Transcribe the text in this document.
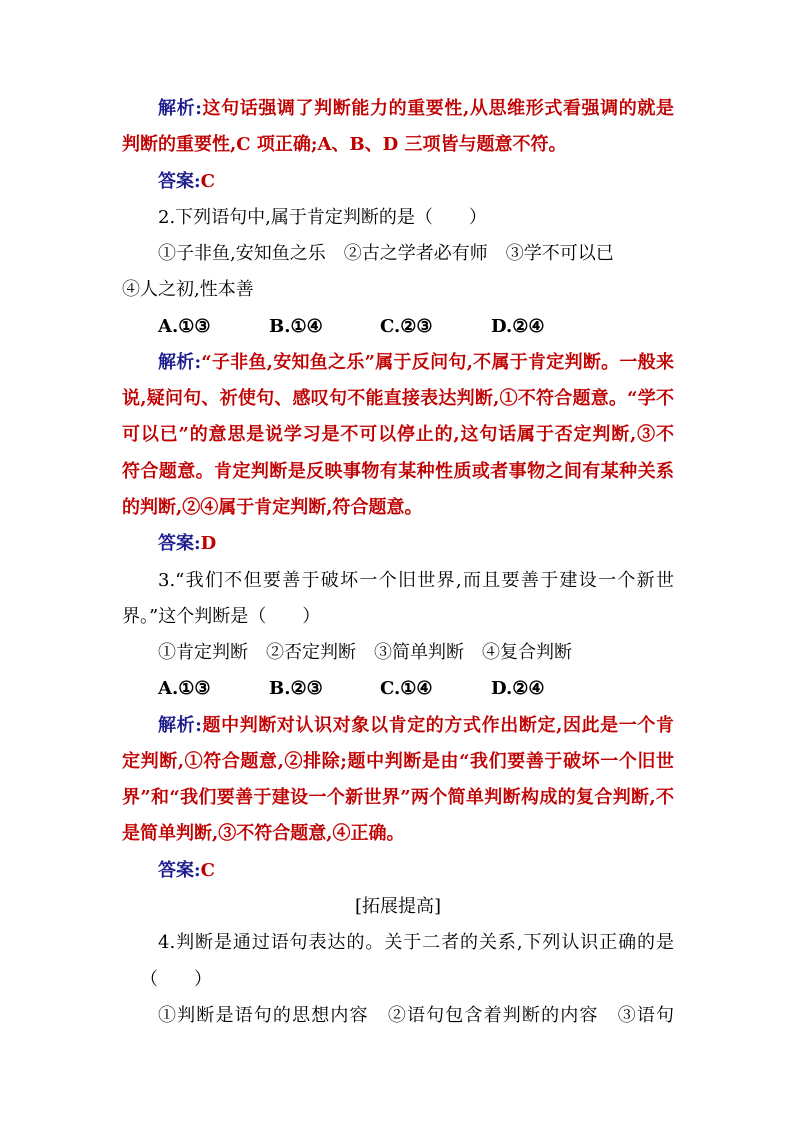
解析:这句话强调了判断能力的重要性,从思维形式看强调的就是
判断的重要性,C 项正确;A、B、D 三项皆与题意不符。
答案:C
2.下列语句中,属于肯定判断的是（　　）
①子非鱼,安知鱼之乐　②古之学者必有师　③学不可以已
④人之初,性本善
A.①③	B.①④	C.②③	D.②④
解析:“子非鱼,安知鱼之乐”属于反问句,不属于肯定判断。一般来
说,疑问句、祈使句、感叹句不能直接表达判断,①不符合题意。“学不
可以已”的意思是说学习是不可以停止的,这句话属于否定判断,③不
符合题意。肯定判断是反映事物有某种性质或者事物之间有某种关系
的判断,②④属于肯定判断,符合题意。
答案:D
3.“我们不但要善于破坏一个旧世界,而且要善于建设一个新世
界。”这个判断是（　　）
①肯定判断　②否定判断　③简单判断　④复合判断
A.①③	B.②③	C.①④	D.②④
解析:题中判断对认识对象以肯定的方式作出断定,因此是一个肯
定判断,①符合题意,②排除;题中判断是由“我们要善于破坏一个旧世
界”和“我们要善于建设一个新世界”两个简单判断构成的复合判断,不
是简单判断,③不符合题意,④正确。
答案:C
[拓展提高]
4.判断是通过语句表达的。关于二者的关系,下列认识正确的是
（　　）
①判断是语句的思想内容　②语句包含着判断的内容　③语句
